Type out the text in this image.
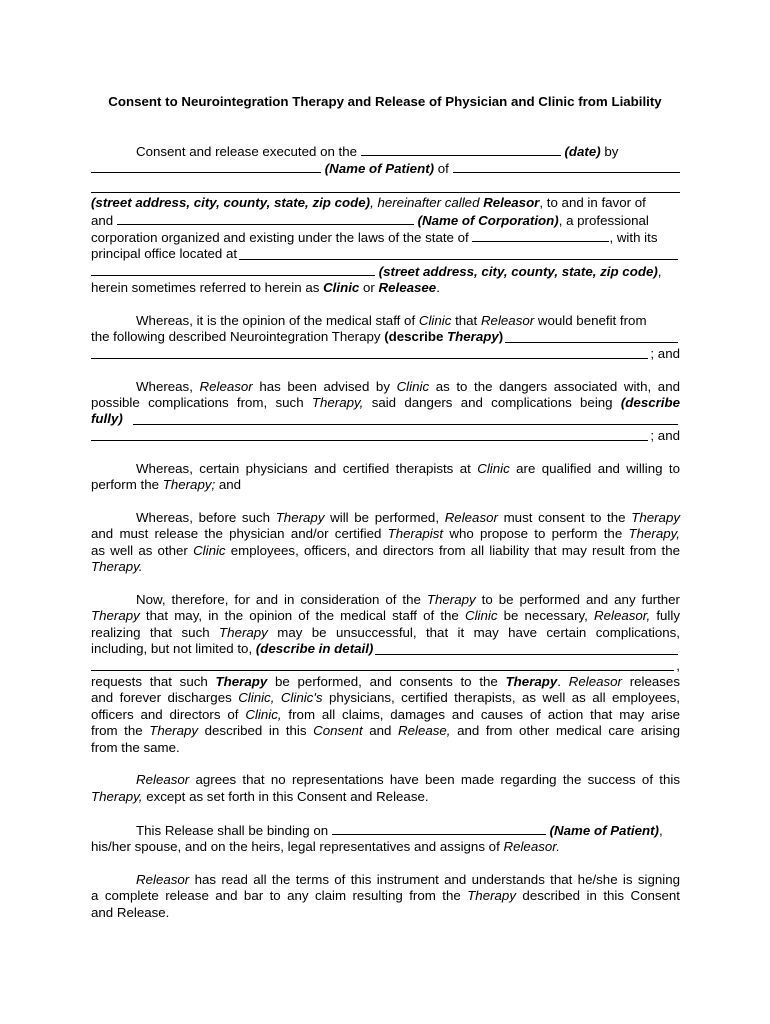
Consent to Neurointegration Therapy and Release of Physician and Clinic from Liability
Consent and release executed on the	(date) by
(Name of Patient) of
(street address, city, county, state, zip code), hereinafter called Releasor, to and in favor of
and	(Name of Corporation), a professional
corporation organized and existing under the laws of the state of	, with its
principal office located at
(street address, city, county, state, zip code),
herein sometimes referred to herein as Clinic or Releasee.
Whereas, it is the opinion of the medical staff of Clinic that Releasor would benefit from
the following described Neurointegration Therapy
(describe
Therapy )
; and
Whereas, Releasor has been advised by Clinic as to the dangers associated with, and
possible complications from, such Therapy, said dangers and complications being (describe
fully)
; and
Whereas, certain physicians and certified therapists at Clinic are qualified and willing to
perform the Therapy; and
Whereas, before such Therapy will be performed, Releasor must consent to the Therapy
and must release the physician and/or certified Therapist who propose to perform the Therapy,
as well as other Clinic employees, officers, and directors from all liability that may result from the
Therapy.
Now, therefore, for and in consideration of the Therapy to be performed and any further
Therapy that may, in the opinion of the medical staff of the Clinic be necessary, Releasor, fully
realizing that such Therapy may be unsuccessful, that it may have certain complications,
including, but not limited to,
(describe in detail)
,
requests that such Therapy be performed, and consents to the Therapy. Releasor releases
and forever discharges Clinic, Clinic's physicians, certified therapists, as well as all employees,
officers and directors of Clinic, from all claims, damages and causes of action that may arise
from the Therapy described in this Consent and Release, and from other medical care arising
from the same.
Releasor agrees that no representations have been made regarding the success of this
Therapy, except as set forth in this Consent and Release.
This Release shall be binding on	(Name of Patient),
his/her spouse, and on the heirs, legal representatives and assigns of Releasor.
Releasor has read all the terms of this instrument and understands that he/she is signing
a complete release and bar to any claim resulting from the Therapy described in this Consent
and Release.
